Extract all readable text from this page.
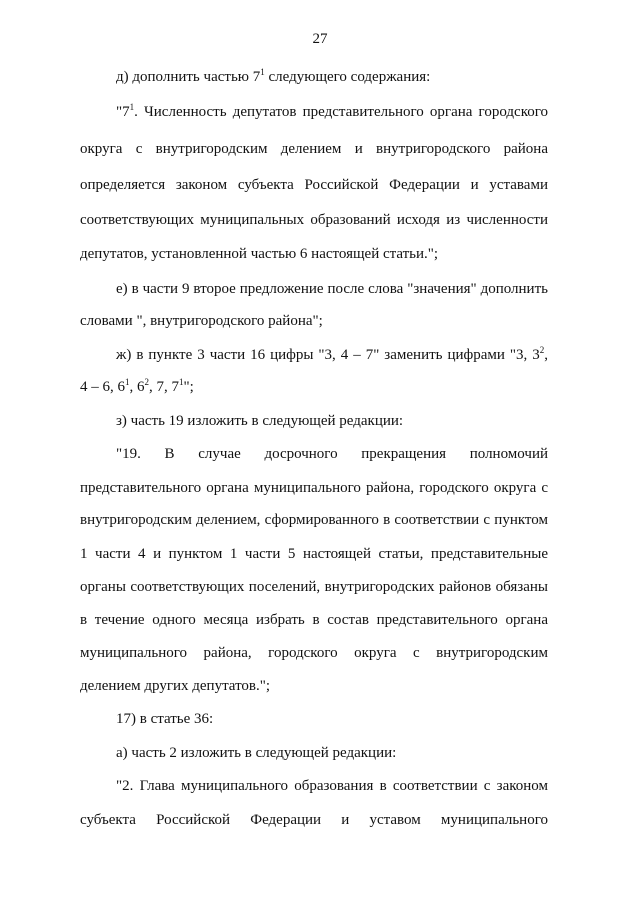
27
д) дополнить частью $7^1$ следующего содержания:
"$7^1$. Численность депутатов представительного органа городского
округа с внутригородским делением и внутригородского района
определяется законом субъекта Российской Федерации и уставами
соответствующих муниципальных образований исходя из численности
депутатов, установленной частью 6 настоящей статьи.";
е) в части 9 второе предложение после слова "значения" дополнить
словами ", внутригородского района";
ж) в пункте 3 части 16 цифры "3, 4 – 7" заменить цифрами "3, $3^2$,
4 – 6, $6^1$, $6^2$, 7, $7^1$";
з) часть 19 изложить в следующей редакции:
"19. В случае досрочного прекращения полномочий
представительного органа муниципального района, городского округа с
внутригородским делением, сформированного в соответствии с пунктом
1 части 4 и пунктом 1 части 5 настоящей статьи, представительные
органы соответствующих поселений, внутригородских районов обязаны
в течение одного месяца избрать в состав представительного органа
муниципального района, городского округа с внутригородским
делением других депутатов.";
17) в статье 36:
а) часть 2 изложить в следующей редакции:
"2. Глава муниципального образования в соответствии с законом
субъекта Российской Федерации и уставом муниципального
